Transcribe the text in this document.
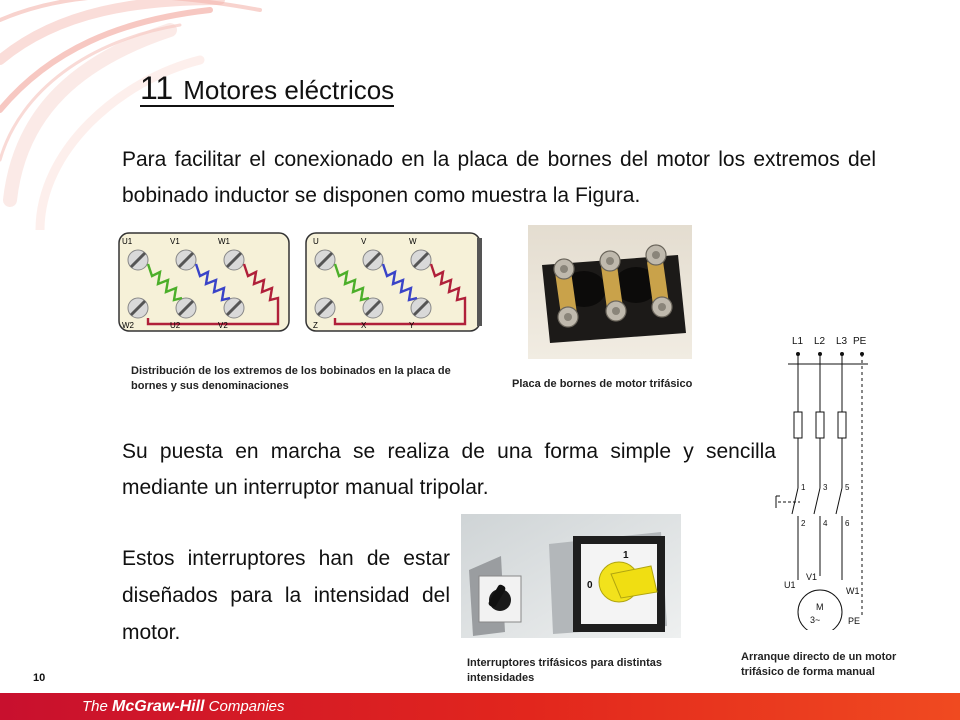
11 Motores eléctricos
Para facilitar el conexionado en la placa de bornes del motor los extremos del bobinado inductor se disponen como muestra la Figura.
U1	V1	W1
W2	U2	V2
U	V	W
Z	X	Y
Distribución de los extremos de los bobinados en la placa de bornes y sus denominaciones	Placa de bornes de motor trifásico
Su puesta en marcha se realiza de una forma simple y sencilla mediante un interruptor manual tripolar.
1
0
Estos interruptores han de estar diseñados para la intensidad del motor.
Interruptores trifásicos para distintas intensidades
L1 L2 L3 PE
1 3 5
2 4 6
U1
V1
W1
M
3~	PE
Arranque directo de un motor trifásico de forma manual
10
The McGraw-Hill Companies
